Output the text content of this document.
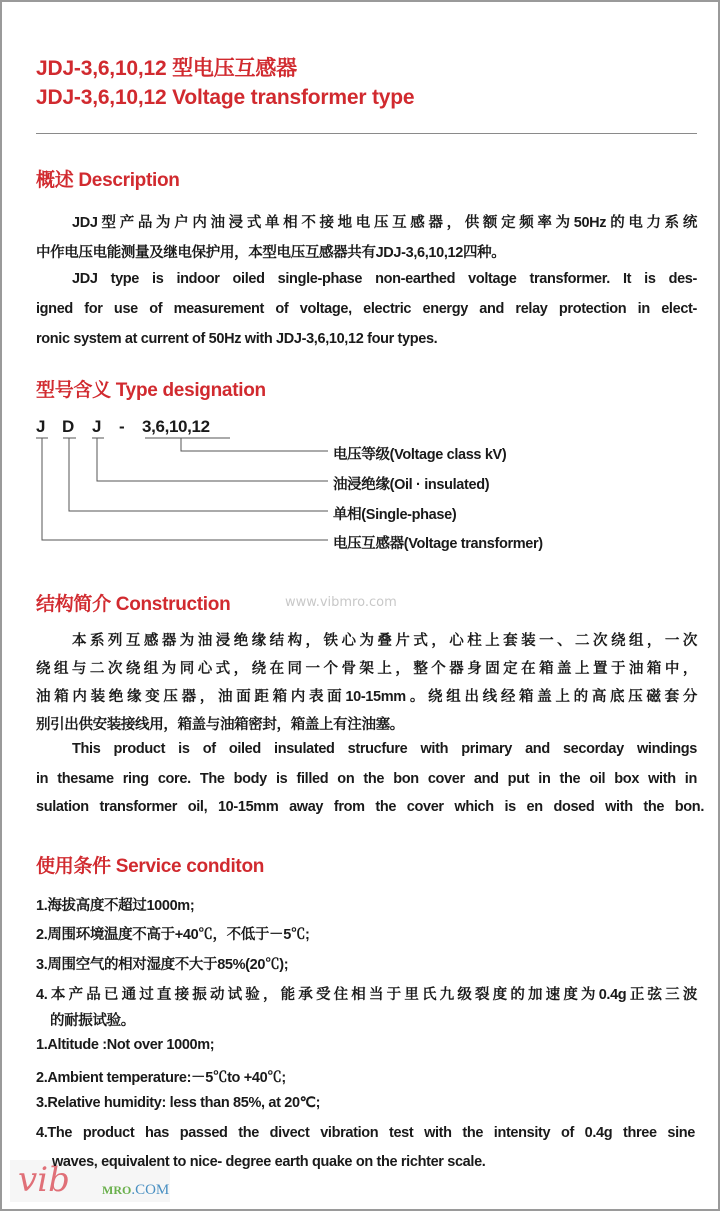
JDJ-3,6,10,12 型电压互感器
JDJ-3,6,10,12 Voltage transformer type
概述 Description
JDJ型产品为户内油浸式单相不接地电压互感器，供额定频率为50Hz的电力系统
中作电压电能测量及继电保护用，本型电压互感器共有JDJ-3,6,10,12四种。
JDJ type is indoor oiled single-phase non-earthed voltage transformer. It is des-
igned for use of measurement of voltage, electric energy and relay protection in elect-
ronic system at current of 50Hz with JDJ-3,6,10,12 four types.
型号含义 Type designation
J D J - 3,6,10,12
电压等级(Voltage class kV)
油浸绝缘(Oil · insulated)
单相(Single-phase)
电压互感器(Voltage transformer)
结构简介 Construction	www.vibmro.com
本系列互感器为油浸绝缘结构，铁心为叠片式，心柱上套装一、二次绕组，一次
绕组与二次绕组为同心式，绕在同一个骨架上，整个器身固定在箱盖上置于油箱中，
油箱内装绝缘变压器，油面距箱内表面10-15mm。绕组出线经箱盖上的高底压磁套分
别引出供安装接线用，箱盖与油箱密封，箱盖上有注油塞。
This product is of oiled insulated strucfure with primary and secorday windings
in thesame ring core. The body is filled on the bon cover and put in the oil box with in
sulation transformer oil, 10-15mm away from the cover which is en dosed with the bon.
使用条件 Service conditon
1.海拔高度不超过1000m;
2.周围环境温度不高于+40℃，不低于－5℃;
3.周围空气的相对湿度不大于85%(20℃);
4.本产品已通过直接振动试验，能承受住相当于里氏九级裂度的加速度为0.4g正弦三波
的耐振试验。
1.Altitude :Not over 1000m;
2.Ambient temperature:－5℃to +40℃;
3.Relative humidity: less than 85%, at 20℃;
4.The product has passed the divect vibration test with the intensity of 0.4g three sine
vib	MRO.COM
waves, equivalent to nice- degree earth quake on the richter scale.
